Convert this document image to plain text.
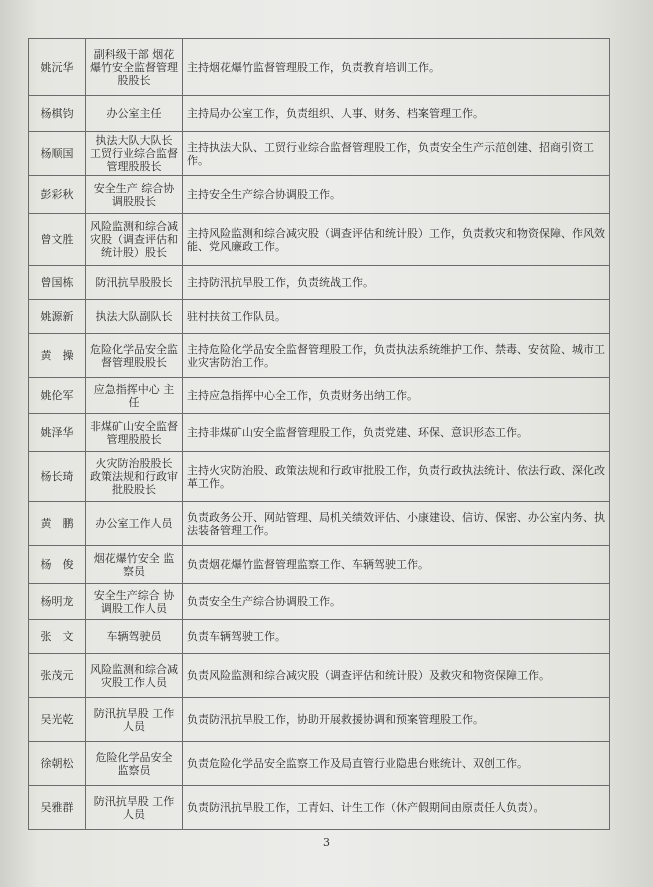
姚沅华	副科级干部 烟花爆竹安全监督管理股股长	主持烟花爆竹监督管理股工作，负责教育培训工作。
杨棋钧	办公室主任	主持局办公室工作，负责组织、人事、财务、档案管理工作。
杨顺国	执法大队大队长 工贸行业综合监督管理股股长	主持执法大队、工贸行业综合监督管理股工作，负责安全生产示范创建、招商引资工作。
彭彩秋	安全生产 综合协调股股长	主持安全生产综合协调股工作。
曾文胜	风险监测和综合减灾股（调查评估和统计股）股长	主持风险监测和综合减灾股（调查评估和统计股）工作，负责救灾和物资保障、作风效能、党风廉政工作。
曾国栋	防汛抗旱股股长	主持防汛抗旱股工作，负责统战工作。
姚源新	执法大队副队长	驻村扶贫工作队员。
黄　操	危险化学品安全监督管理股股长	主持危险化学品安全监督管理股工作，负责执法系统维护工作、禁毒、安贫险、城市工业灾害防治工作。
姚伦军	应急指挥中心 主任	主持应急指挥中心全工作，负责财务出纳工作。
姚泽华	非煤矿山安全监督管理股股长	主持非煤矿山安全监督管理股工作，负责党建、环保、意识形态工作。
杨长琦	火灾防治股股长 政策法规和行政审批股股长	主持火灾防治股、政策法规和行政审批股工作，负责行政执法统计、依法行政、深化改革工作。
黄　鹏	办公室工作人员	负责政务公开、网站管理、局机关绩效评估、小康建设、信访、保密、办公室内务、执法装备管理工作。
杨　俊	烟花爆竹安全 监察员	负责烟花爆竹监督管理监察工作、车辆驾驶工作。
杨明龙	安全生产综合 协调股工作人员	负责安全生产综合协调股工作。
张　文	车辆驾驶员	负责车辆驾驶工作。
张茂元	风险监测和综合减灾股工作人员	负责风险监测和综合减灾股（调查评估和统计股）及救灾和物资保障工作。
吴光乾	防汛抗旱股 工作人员	负责防汛抗旱股工作，协助开展救援协调和预案管理股工作。
徐朝松	危险化学品安全 监察员	负责危险化学品安全监察工作及局直管行业隐患台账统计、双创工作。
吴雅群	防汛抗旱股 工作人员	负责防汛抗旱股工作，工青妇、计生工作（休产假期间由原责任人负责）。
3
